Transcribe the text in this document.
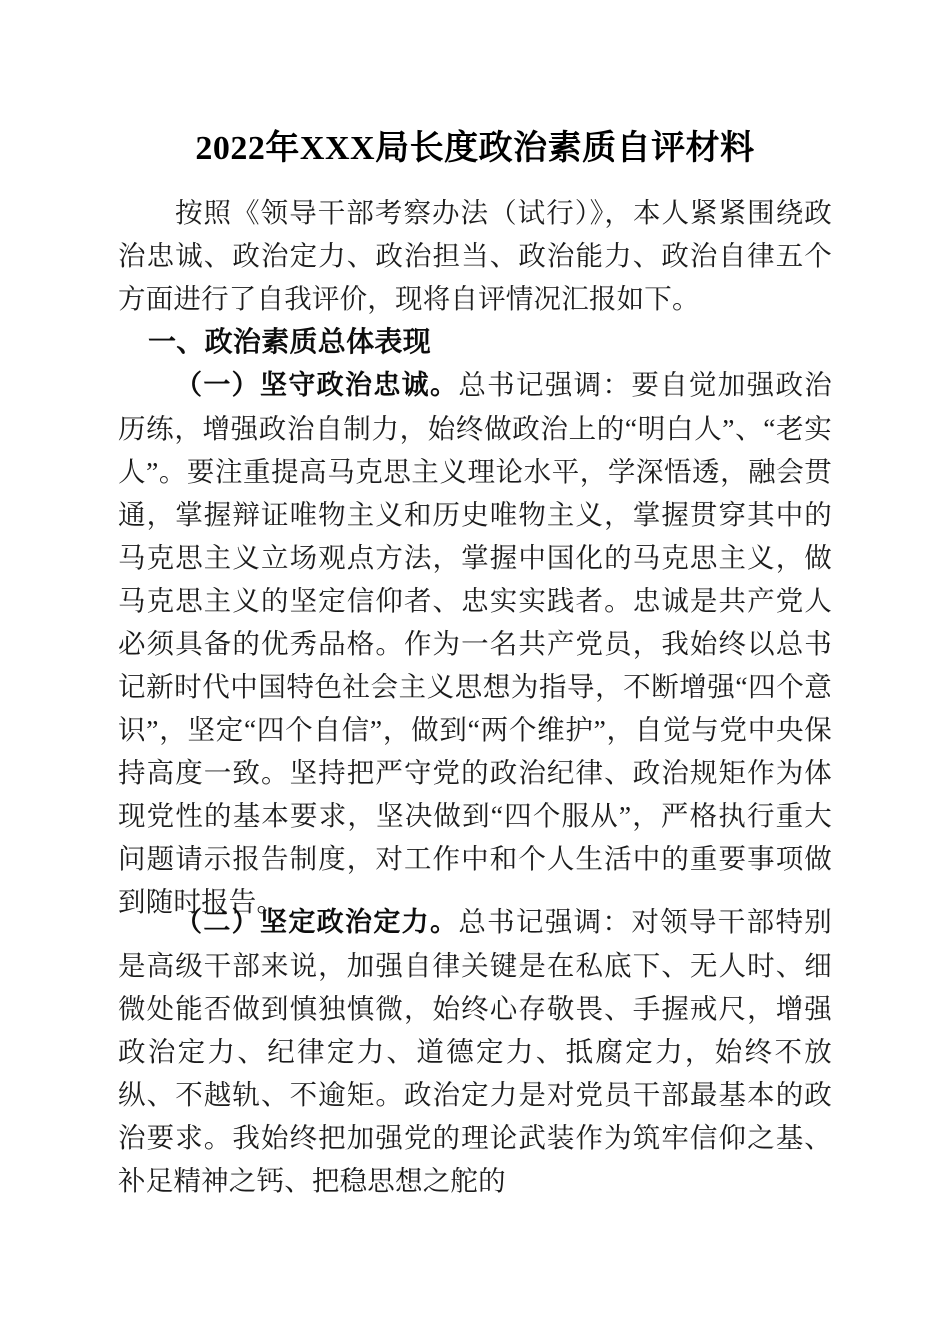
2022年XXX局长度政治素质自评材料

按照《领导干部考察办法（试行）》，本人紧紧围绕政治忠诚、政治定力、政治担当、政治能力、政治自律五个方面进行了自我评价，现将自评情况汇报如下。

一、政治素质总体表现

（一）坚守政治忠诚。总书记强调：要自觉加强政治历练，增强政治自制力，始终做政治上的“明白人”、“老实人”。要注重提高马克思主义理论水平，学深悟透，融会贯通，掌握辩证唯物主义和历史唯物主义，掌握贯穿其中的马克思主义立场观点方法，掌握中国化的马克思主义，做马克思主义的坚定信仰者、忠实实践者。忠诚是共产党人必须具备的优秀品格。作为一名共产党员，我始终以总书记新时代中国特色社会主义思想为指导，不断增强“四个意识”，坚定“四个自信”，做到“两个维护”，自觉与党中央保持高度一致。坚持把严守党的政治纪律、政治规矩作为体现党性的基本要求，坚决做到“四个服从”，严格执行重大问题请示报告制度，对工作中和个人生活中的重要事项做到随时报告。

（二）坚定政治定力。总书记强调：对领导干部特别是高级干部来说，加强自律关键是在私底下、无人时、细微处能否做到慎独慎微，始终心存敬畏、手握戒尺，增强政治定力、纪律定力、道德定力、抵腐定力，始终不放纵、不越轨、不逾矩。政治定力是对党员干部最基本的政治要求。我始终把加强党的理论武装作为筑牢信仰之基、补足精神之钙、把稳思想之舵的
